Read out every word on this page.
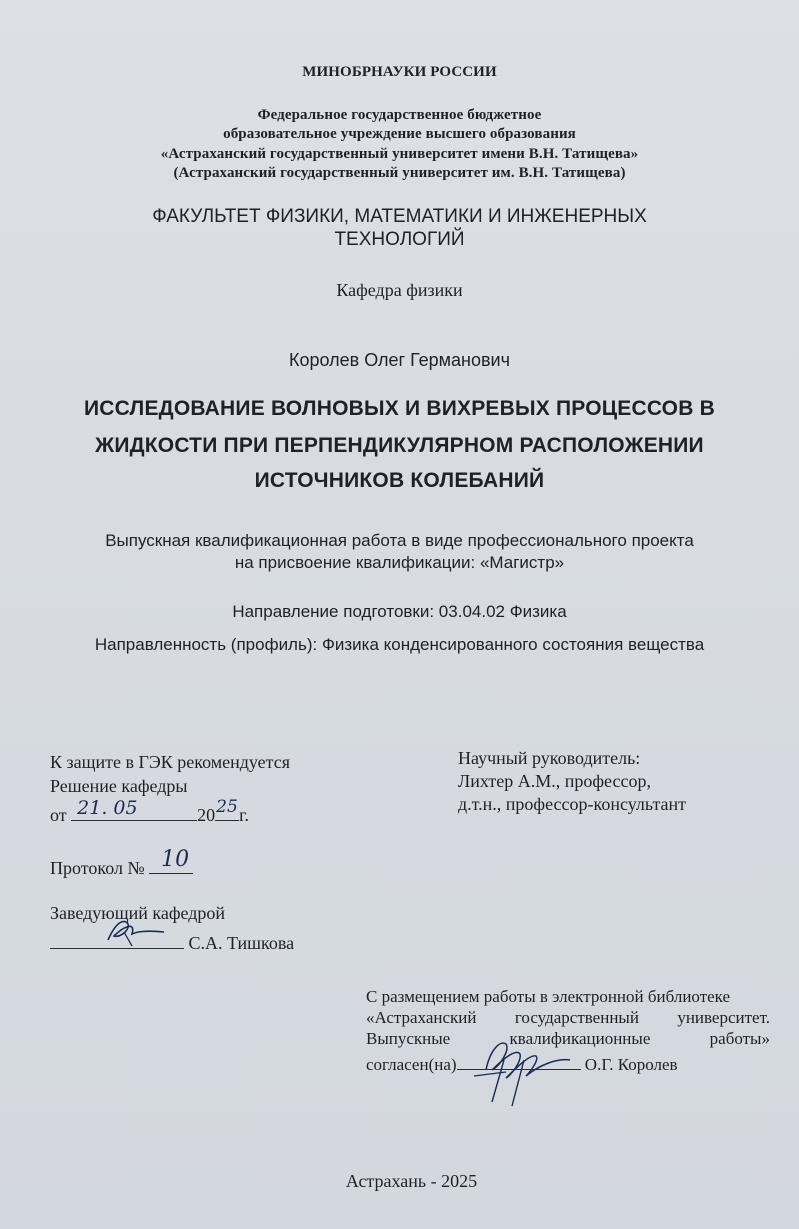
МИНОБРНАУКИ РОССИИ
Федеральное государственное бюджетное
образовательное учреждение высшего образования
«Астраханский государственный университет имени В.Н. Татищева»
(Астраханский государственный университет им. В.Н. Татищева)
ФАКУЛЬТЕТ ФИЗИКИ, МАТЕМАТИКИ И ИНЖЕНЕРНЫХ
ТЕХНОЛОГИЙ
Кафедра физики
Королев Олег Германович
ИССЛЕДОВАНИЕ ВОЛНОВЫХ И ВИХРЕВЫХ ПРОЦЕССОВ В
ЖИДКОСТИ ПРИ ПЕРПЕНДИКУЛЯРНОМ РАСПОЛОЖЕНИИ
ИСТОЧНИКОВ КОЛЕБАНИЙ
Выпускная квалификационная работа в виде профессионального проекта
на присвоение квалификации: «Магистр»
Направление подготовки: 03.04.02 Физика
Направленность (профиль): Физика конденсированного состояния вещества
К защите в ГЭК рекомендуется
Решение кафедры
от 21. 05	20 25 г.
Протокол № 10
Заведующий кафедрой
С.А. Тишкова
Научный руководитель:
Лихтер А.М., профессор,
д.т.н., профессор-консультант
С размещением работы в электронной библиотеке
«Астраханский государственный университет.
Выпускные	квалификационные	работы»
согласен(на)	О.Г. Королев
Астрахань - 2025
